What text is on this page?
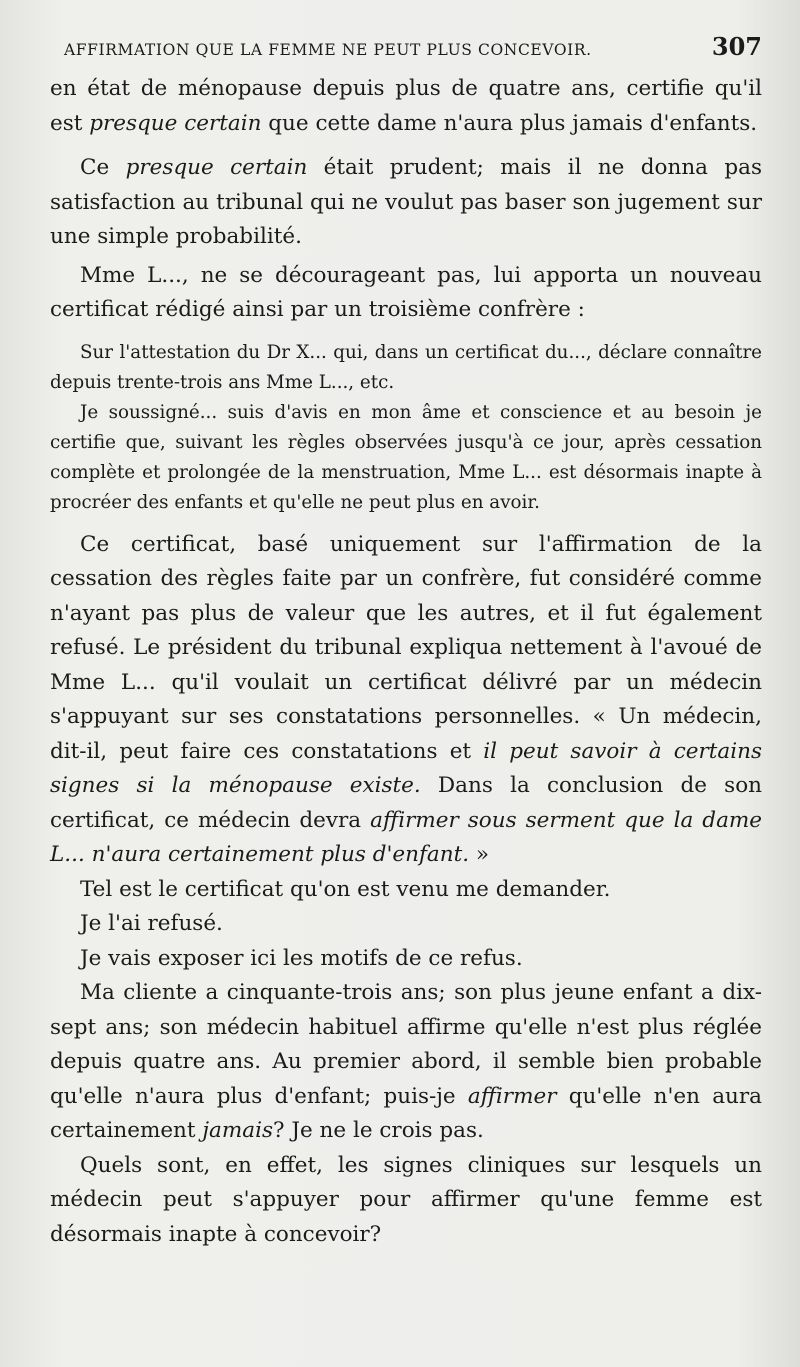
AFFIRMATION QUE LA FEMME NE PEUT PLUS CONCEVOIR.	307

en état de ménopause depuis plus de quatre ans, certifie qu'il est presque certain que cette dame n'aura plus jamais d'enfants.

Ce presque certain était prudent; mais il ne donna pas satisfaction au tribunal qui ne voulut pas baser son jugement sur une simple probabilité.

Mme L..., ne se décourageant pas, lui apporta un nouveau certificat rédigé ainsi par un troisième confrère :

Sur l'attestation du Dr X... qui, dans un certificat du..., déclare connaître depuis trente-trois ans Mme L..., etc.

Je soussigné... suis d'avis en mon âme et conscience et au besoin je certifie que, suivant les règles observées jusqu'à ce jour, après cessation complète et prolongée de la menstruation, Mme L... est désormais inapte à procréer des enfants et qu'elle ne peut plus en avoir.

Ce certificat, basé uniquement sur l'affirmation de la cessation des règles faite par un confrère, fut considéré comme n'ayant pas plus de valeur que les autres, et il fut également refusé. Le président du tribunal expliqua nettement à l'avoué de Mme L... qu'il voulait un certificat délivré par un médecin s'appuyant sur ses constatations personnelles. « Un médecin, dit-il, peut faire ces constatations et il peut savoir à certains signes si la ménopause existe. Dans la conclusion de son certificat, ce médecin devra affirmer sous serment que la dame L... n'aura certainement plus d'enfant. »

Tel est le certificat qu'on est venu me demander.

Je l'ai refusé.

Je vais exposer ici les motifs de ce refus.

Ma cliente a cinquante-trois ans; son plus jeune enfant a dix-sept ans; son médecin habituel affirme qu'elle n'est plus réglée depuis quatre ans. Au premier abord, il semble bien probable qu'elle n'aura plus d'enfant; puis-je affirmer qu'elle n'en aura certainement jamais? Je ne le crois pas.

Quels sont, en effet, les signes cliniques sur lesquels un médecin peut s'appuyer pour affirmer qu'une femme est désormais inapte à concevoir?
